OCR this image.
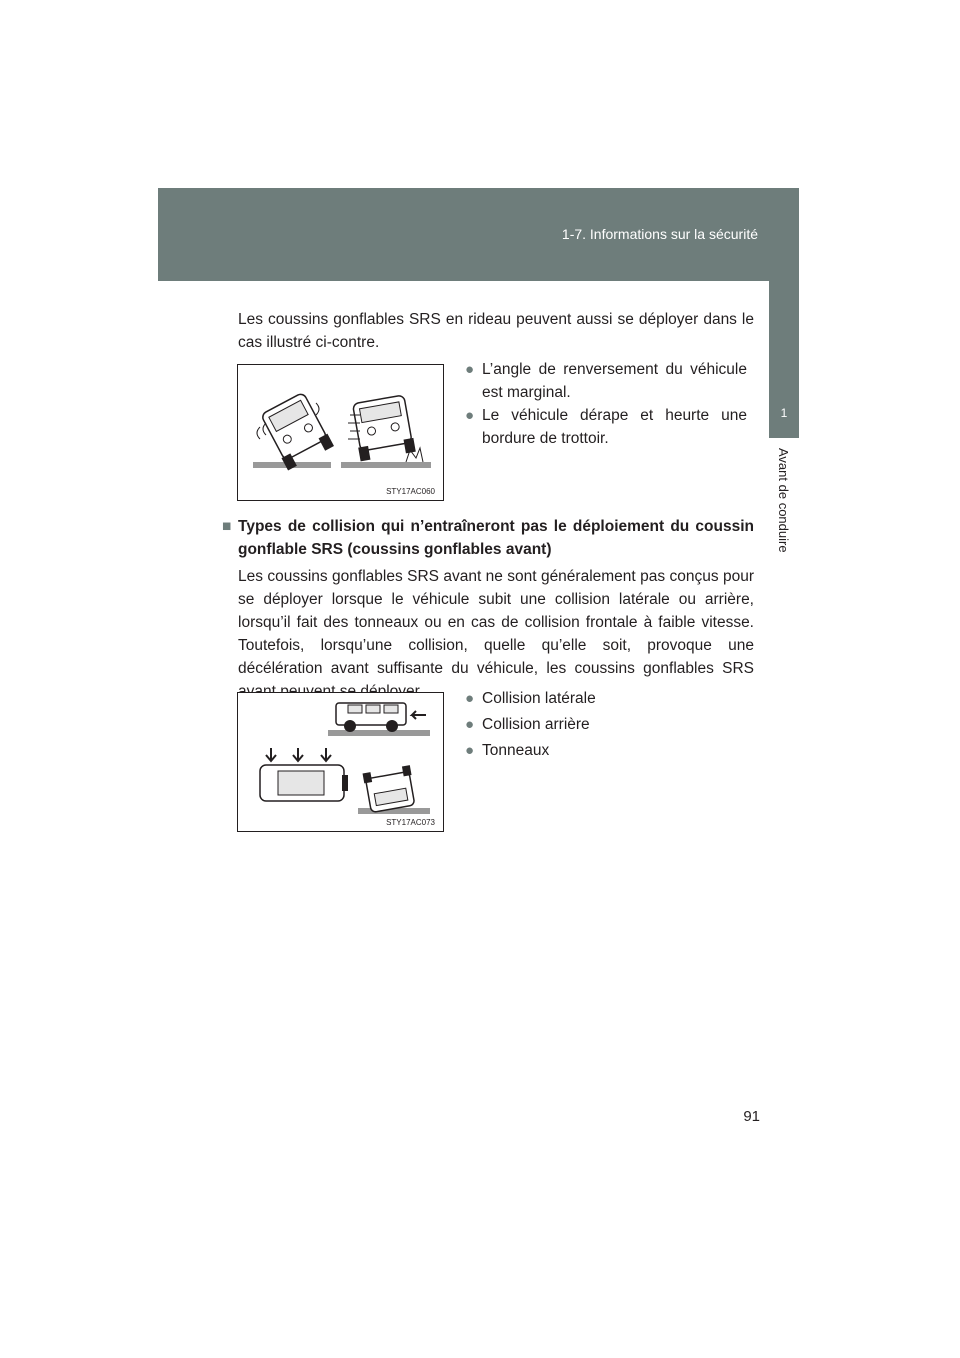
1-7. Informations sur la sécurité
1
Avant de conduire
Les coussins gonflables SRS en rideau peuvent aussi se déployer dans le cas illustré ci-contre.
STY17AC060
● L’angle de renversement du véhicule est marginal.
● Le véhicule dérape et heurte une bordure de trottoir.
■ Types de collision qui n’entraîneront pas le déploiement du coussin gonflable SRS (coussins gonflables avant)
Les coussins gonflables SRS avant ne sont généralement pas conçus pour se déployer lorsque le véhicule subit une collision latérale ou arrière, lorsqu’il fait des tonneaux ou en cas de collision frontale à faible vitesse. Toutefois, lorsqu’une collision, quelle qu’elle soit, provoque une décélération avant suffisante du véhicule, les coussins gonflables SRS
STY17AC073
● Collision latérale
● Collision arrière
● Tonneaux
91
